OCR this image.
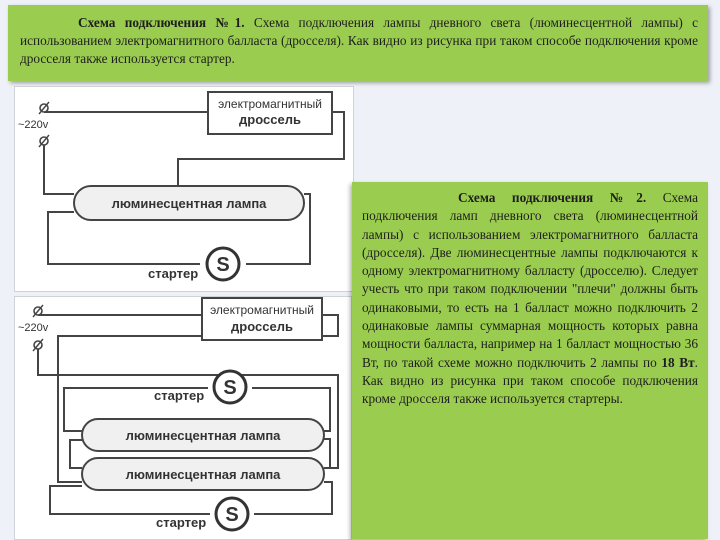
Схема подключения №1. Схема подключения лампы дневного света (люминесцентной лампы) с использованием электромагнитного балласта (дросселя). Как видно из рисунка при таком способе подключения кроме дросселя также используется стартер.

~220v
электромагнитный
дроссель
люминесцентная лампа
стартер S
~220v
электромагнитный
дроссель
стартер S
люминесцентная лампа
люминесцентная лампа
стартер S

Схема подключения №2. Схема подключения ламп дневного света (люминесцентной лампы) с использованием электромагнитного балласта (дросселя). Две люминесцентные лампы подключаются к одному электромагнитному балласту (дросселю). Следует учесть что при таком подключении "плечи" должны быть одинаковыми, то есть на 1 балласт можно подключить 2 одинаковые лампы суммарная мощность которых равна мощности балласта, например на 1 балласт мощностью 36 Вт, по такой схеме можно подключить 2 лампы по 18 Вт. Как видно из рисунка при таком способе подключения кроме дросселя также используется стартеры.
